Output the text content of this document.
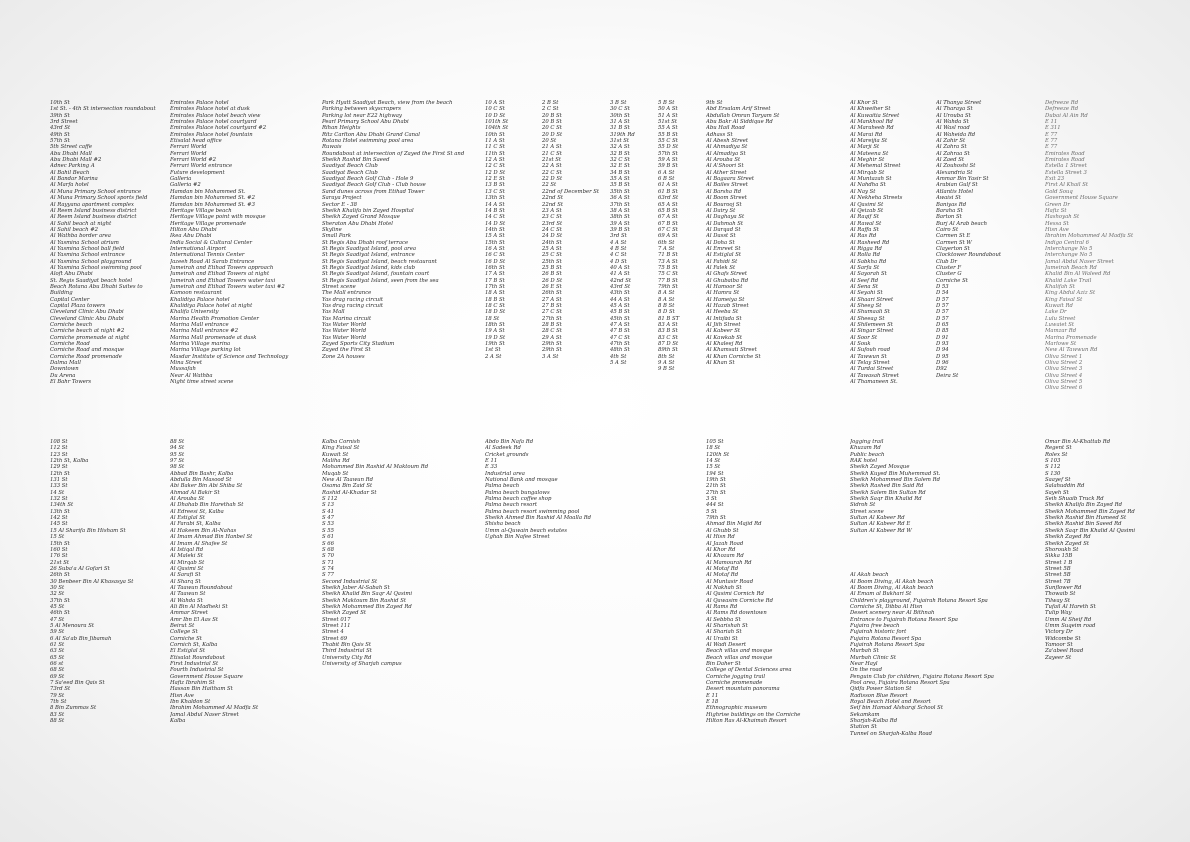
10th St
1st St. - 4th St intersection roundabout
39th St
3rd Street
43rd St
49th St
57th St
5th Street caffe
Abu Dhabi Mall
Abu Dhabi Mall #2
Adnec Parking A
Al Bahil Beach
Al Bandar Marina
Al Marfa hotel
Al Muna Primary School entrance
Al Muna Primary School sports field
Al Rayyana apartment complex
Al Reem Island business district
Al Reem Island business district
Al Sahil beach at night
Al Sahil beach #2
Al Wathba border area
Al Yasmina School atrium
Al Yasmina School ball field
Al Yasmina School entrance
Al Yasmina School playground
Al Yasmina School swimming pool
Aloft Abu Dhabi
St. Regis Saadiyat beach hotel
Beach Rotana Abu Dhabi Suites to
Building
Capital Center
Capital Plaza towers
Cleveland Clinic Abu Dhabi
Cleveland Clinic Abu Dhabi
Corniche beach
Corniche beach at night #2
Corniche promenade at night
Corniche Road
Corniche Road and mosque
Corniche Road promenade
Dalma Mall
Downtown
Du Arena
El Bahr Towers
Emirates Palace hotel
Emirates Palace hotel at dusk
Emirates Palace hotel beach view
Emirates Palace hotel courtyard
Emirates Palace hotel courtyard #2
Emirates Palace hotel fountain
Etisalat head office
Ferrari World
Ferrari World
Ferrari World #2
Ferrari World entrance
Future development
Galleria
Galleria #2
Hamdan bin Mohammed St.
Hamdan bin Mohammed St. #2
Hamdan bin Mohammed St. #3
Heritage Village beach
Heritage Village point with mosque
Heritage Village promenade
Hilton Abu Dhabi
Ikea Abu Dhabi
India Social & Cultural Center
International Airport
International Tennis Center
Jazeeh Road Al Sarab Entrance
Jumeirah and Etihad Towers approach
Jumeirah and Etihad Towers at night
Jumeirah and Etihad Towers water taxi
Jumeirah and Etihad Towers water taxi #2
Kamoon restaurant
Khalidiya Palace hotel
Khalidiya Palace hotel at night
Khalifa University
Marina Health Promotion Center
Marina Mall entrance
Marina Mall entrance #2
Marina Mall promenade at dusk
Marina Village marina
Marina Village parking lot
Masdar Institute of Science and Technology
Mina Street
Mussafah
Near Al Wathba
Night time street scene
Park Hyatt Saadiyat Beach, view from the beach
Parking between skyscrapers
Parking lot near E22 highway
Pearl Primary School Abu Dhabi
Rihan Heights
Ritz Carlton Abu Dhabi Grand Canal
Rotana Hotel swimming pool area
Ruwais
Roundabout at intersection of Zayed the First St and
Sheikh Rashid Bin Saeed
Saadiyat Beach Club
Saadiyat Beach Club
Saadiyat Beach Golf Club - Hole 9
Saadiyat Beach Golf Club - Club house
Sand dunes across from Etihad Tower
Saraya Project
Sector E - 38
Sheikh Khalifa bin Zayed Hospital
Sheikh Zayed Grand Mosque
Sheraton Abu Dhabi Hotel
Skyline
Small Park
St Regis Abu Dhabi roof terrace
St Regis Saadiyat Island, pool area
St Regis Saadiyat Island, entrance
St Regis Saadiyat Island, beach restaurant
St Regis Saadiyat Island, kids club
St Regis Saadiyat Island, fountain court
St Regis Saadiyat Island, seen from the sea
Street scene
The Mall entrance
Yas drag racing circuit
Yas drag racing circuit
Yas Mall
Yas Marina circuit
Yas Water World
Yas Water World
Yas Water World
Zayed Sports City Stadium
Zayed the First St
Zone 2A houses
10 A St
10 C St
10 D St
101th St
104th St
10th St
11 A St
11 C St
11th St
12 A St
12 C St
12 D St
12 E St
13 B St
13 C St
13th St
14 A St
14 B St
14 C St
14 D St
14th St
15 A St
15th St
16 A St
16 C St
16 D St
16th St
17 A St
17 B St
17th St
18 A St
18 B St
18 C St
18 D St
18 St
18th St
19 A St
19 D St
19th St
1st St
2 A St
2 B St
2 C St
20 B St
20 B St
20 C St
20 D St
20 St
21 A St
21 C St
21st St
22 A St
22 C St
22 D St
22 St
22nd of December St
22nd St
22nd St
23 A St
23 C St
23rd St
24 C St
24 D St
24th St
25 A St
25 C St
25th St
25 B St
26 B St
26 D St
26 E St
26th St
27 A St
27 B St
27 C St
27th St
28 B St
28 C St
29 A St
29th St
29th St
3 A St
3 B St
30 C St
30th St
31 A St
31 B St
319th Rd
31st St
32 A St
32 B St
32 C St
32 E St
34 B St
35 A St
35 B St
35th St
36 A St
37th St
38 A St
38th St
39 A St
39 B St
3rd St
4 A St
4 B St
4 C St
4 D St
40 A St
41 A St
42nd St
43rd St
43th St
44 A St
45 A St
45 B St
45th St
47 A St
47 B St
47 C St
47th St
48th St
4th St
5 A St
5 B St
50 A St
51 A St
51st St
55 A St
55 B St
55 C St
55 D St
57th St
59 A St
59 B St
6 A St
6 B St
61 A St
61 B St
63rd St
65 A St
65 B St
67 A St
67 B St
67 C St
69 A St
6th St
7 A St
71 B St
73 A St
75 B St
75 C St
77 B St
79th St
8 A St
8 A St
8 B St
8 D St
81 B ST
83 A St
83 B St
83 C St
87 D St
89th St
8th St
9 A St
9 B St
9th St
Abd Ersalam Arif Street
Abdullah Omran Taryam St
Abu Bakr Al Siddique Rd
Abu Hail Road
Adhass St
Al Abesh Street
Al Ahmadiya St
Al Almadiya St
Al Arouba St
Al A'Shoori St
Al Ather Street
Al Bagaara Street
Al Bailes Street
Al Barsha Rd
Al Boom Street
Al Bourooj St
Al Dairy St
Al Daghaya St
Al Dahmah St
Al Darqad St
Al Dasst St
Al Doha St
Al Emreet St
Al Estiglal St
Al Fahidi St
Al Falek St
Al Ghafs Street
Al Ghubaiba Rd
Al Hamoor St
Al Hamra St
Al Hameiya St
Al Hazab Street
Al Heeba St
Al Intifada St
Al Jiih Street
Al Kabeer St
Al Kawkab St
Al Khaleej Rd
Al Khamsati Street
Al Khan Corniche St
Al Khan St
Al Khor St
Al Khweiher St
Al Kuwaitia Street
Al Mankhool Rd
Al Maraheeb Rd
Al Marai Rd
Al Mareijia St
Al Marji St
Al Mateena St
Al Meghir St
Al Mehemal Street
Al Mirqab St
Al Muntazah St
Al Nahdha St
Al Nay St
Al Nekheha Streets
Al Qasimi St
Al Qeizab St
Al Raqif St
Al Rawal St
Al Raffa St
Al Ras Rd
Al Rasheed Rd
Al Rigga Rd
Al Rolla Rd
Al Sabkha Rd
Al Sarfa St
Al Sayorah St
Al Seef Rd
Al Sena St
Al Seyahi St
Al Shaari Street
Al Sheeg St
Al Shumaali St
Al Sheeag St
Al Shilemeen St
Al Singar Street
Al Soor St
Al Souk
Al Sufouh road
Al Tawwun St
Al Telay Street
Al Turdai Street
Al Tawasah Street
Al Thamaneen St.
Al Thanya Street
Al Tharaya St
Al Urouba St
Al Wahda St
Al Wasl road
Al Waheida Rd
Al Zahir St
Al Zahra St
Al Zahraa St
Al Zaed St
Al Zouhoshi St
Alexandria St
Ammar Bin Yasir St
Arabian Gulf St
Atlantis Hotel
Awaisi St
Baniyas Rd
Baraha St
Barton St
Burj Al Arab beach
Cairo St
Carmen St E
Carmen St W
Clayerton St
Clocktower Roundabout
Club Dr
Cluster F
Cluster G
Corniche St
D 53
D 54
D 57
D 57
D 57
D 57
D 65
D 85
D 91
D 93
D 94
D 95
D 96
D92
Deira St
Defreeze Rd
Defreeze Rd
Dubai Al Ain Rd
E 11
E 311
E 77
E 77
E 77
Emirates Road
Emirates Road
Estella 1 Street
Estella Street 3
Exit 23
First Al Khail St
Gold Souq
Government House Square
Green Dr
Hafiz St
Hashoyah St
Hessa St
Hisn Ave
Ibrahim Mohammed Al Madfa St
Indigo Central 6
Interchange No 5
Interchange No 5
Jamal Abdul Naser Street
Jumeirah Beach Rd
Khalid Bin Al Waleed Rd
Khalid Lake Trail
Khalifah St
King Abdul Aziz St
King Faisal St
Kuwait Rd
Lake Dr
Lulu Street
Luwaiet St
Mamzar Rd
Marina Promenade
Marlowe St
New Al Tawwun Rd
Oliva Street 1
Oliva Street 2
Oliva Street 3
Oliva Street 4
Oliva Street 5
Oliva Street 6
108 St
112 St
123 St
12th St, Kalba
129 St
12th St
131 St
133 St
14 St
132 St
134th St
13th St
142 St
145 St
15 Al Sharifa Bin Hisham St
15 St
15th St
160 St
176 St
21st St
26 Suba'a Al Gofari St
26th St
30 Benbeer Bin Al Khasasya St
30 St
32 St
37th St
45 St
46th St
47 St
5 Al Menoura St
59 St
6 Al Sa'ab Bin Jibamah
61 St
63 St
65 St
66 st
68 St
69 St
7 Sa'eed Bin Qais St
73rd St
79 St
7th St
8 Bin Zummas St
83 St
88 St
88 St
94 St
95 St
97 St
98 St
Abbad Bin Bashr, Kalba
Abdulla Bin Masood St
Abi Baker Bin Abi Shiba St
Ahmad Al Bakir St
Al Arouba St
Al Dhahab Bin Harethah St
Al Edreesi St, Kalba
Al Estiglal St
Al Farabi St, Kalba
Al Hakeem Bin Al-Nahas
Al Imam Ahmad Bin Hanbel St
Al Imam Al Shafee St
Al Istiqal Rd
Al Maleki St
Al Mirqab St
Al Qasimi St
Al Sarafi St
Al Sharq St
Al Taawun Roundabout
Al Taawun St
Al Wahda St
Ali Bin Al Madheki St
Ammar Street
Amr Ibn El Aas St
Beirut St
College St
Corniche St
Cornich St, Kalba
El Estiglal St
Etisalat Roundabout
First Industrial St
Fourth Industrial St
Government House Square
Hafiz Ibrahim St
Hassan Bin Haitham St
Hisn Ave
Ibn Khaldon St
Ibrahim Mohammed Al Madfa St
Jamal Abdul Naser Street
Kalba
Kalba Cornish
King Faisal St
Kuwait St
Maliha Rd
Mohammed Bin Rashid Al Maktoum Rd
Muqab St
New Al Taawun Rd
Osama Bin Zaid St
Rashid Al-Khadar St
S 112
S 13
S 41
S 47
S 53
S 55
S 61
S 66
S 68
S 70
S 71
S 74
S 77
Second Industrial St
Sheikh Jaber Al-Sabah St
Sheikh Khalid Bin Saqr Al Qasimi
Sheikh Maktoum Bin Rashid St
Sheikh Mohammed Bin Zayed Rd
Sheikh Zayed St
Street 017
Street 111
Street 4
Street 69
Thabit Bin Qais St
Third Industrial St
University City Rd
University of Sharjah campus
Abdo Bin Nafa Rd
Al Sadeek Rd
Cricket grounds
E 11
E 33
Industrial area
National Bank and mosque
Palma beach
Palma beach bungalows
Palma beach coffee shop
Palma beach resort
Palma beach resort swimming pool
Sheikh Ahmed Bin Rashid Al Moalla Rd
Shisha beach
Umm al-Quwain beach estates
Ughah Bin Nafee Street
105 St
18 St
120th St
14 St
15 St
194 St
19th St
21th St
27th St
3 St
444 St
5 St
79th St
Ahmad Bin Majid Rd
Al Ghubb St
Al Hisn Rd
Al Jazah Road
Al Khor Rd
Al Khozam Rd
Al Mamourah Rd
Al Motaf Rd
Al Motaf Rd
Al Muntasir Road
Al Nakhah St
Al Qasimi Cornich Rd
Al Qawasim Corniche Rd
Al Rams Rd
Al Rams Rd downtown
Al Sebbha St
Al Sharishah St
Al Shariah St
Al Uraibi St
Al Wadi Desert
Beach villas and mosque
Beach villas and mosque
Bin Daher St
College of Dental Sciences area
Corniche jogging trail
Corniche promenade
Desert mountain panorama
E 11
E 18
Ethnographic museum
Highrise buildings on the Corniche
Hilton Ras Al-Khaimah Resort
Jogging trail
Khuzam Rd
Public beach
RAK hotel
Sheikh Zayed Mosque
Sheikh Kuyed Bin Muhemmad St.
Sheikh Mohammed Bin Salem Rd
Sheikh Rashed Bin Said Rd
Sheikh Salem Bin Sultan Rd
Sheikh Saqr Bin Khalid Rd
Sidroh St
Street scene
Sultan Al Kabeer Rd
Sultan Al Kabeer Rd E
Sultan Al Kabeer Rd W
Al Akah beach
Al Boom Diving, Al Akah beach
Al Boom Diving, Al Akah beach
Al Emam al Bukhari St
Children's playground, Fujairah Rotana Resort Spa
Corniche St, Dibba Al Hisn
Desert scenery near Al Bithnah
Entrance to Fujairah Rotana Resort Spa
Fujaira free beach
Fujairah historic fort
Fujaira Rotana Resort Spa
Fujairah Rotana Resort Spa
Murbah St
Murbah Clinic St
Near Hayl
On the road
Penguin Club for children, Fujaira Rotana Resort Spa
Pool area, Fujaira Rotana Resort Spa
Qidfa Power Station St
Radisson Blue Resort
Royal Beach Hotel and Resort
Seif bin Hamad Alsharqi School St
Sekamkam
Sharjah-Kalba Rd
Station St
Tunnel on Sharjah-Kalba Road
Omar Bin Al-Khattab Rd
Regent St
Rolex St
S 103
S 112
S 130
Saayef St
Salahuddin Rd
Sayeh St
Seih Shuaib Truck Rd
Sheikh Khalifa Bin Zayed Rd
Sheikh Mohammed Bin Zayed Rd
Sheikh Rashid Bin Humeed St
Sheikh Rashid Bin Saeed Rd
Sheikh Saqr Bin Khalid Al Qasimi
Sheikh Zayed Rd
Sheikh Zayed St
Shoroukh St
Sikka 15B
Street 1 B
Street 5B
Street 5B
Street 7B
Sunflower Rd
Thowaib St
Tilway St
Tufail Al Hareth St
Tulip Way
Umm Al Sheif Rd
Umm Suqeim road
Victory Dr
Widcombe St
Yamoor St
Za'abeel Road
Zayeer St
